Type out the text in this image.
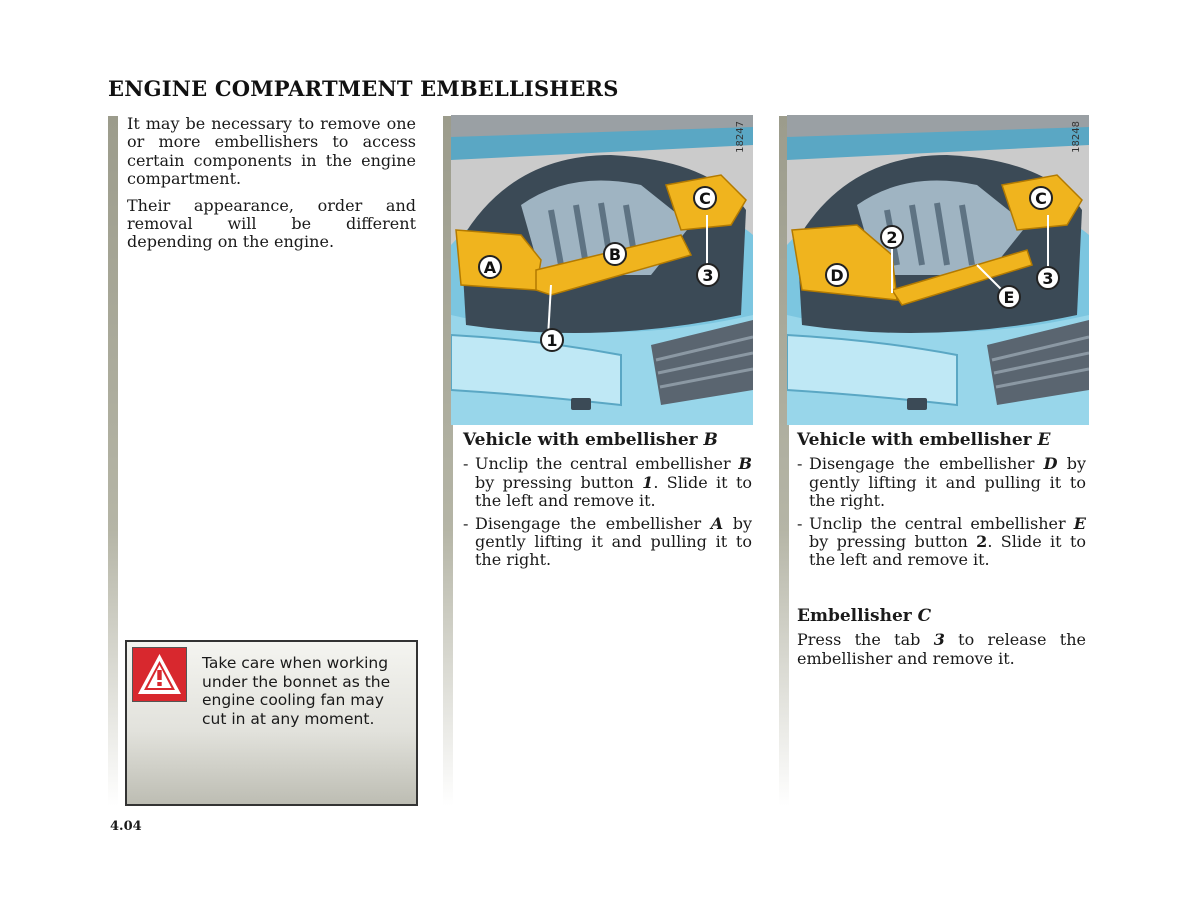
ENGINE COMPARTMENT EMBELLISHERS

It may be necessary to remove one or more embellishers to access certain components in the engine compartment.

Their appearance, order and removal will be different depending on the engine.

Take care when working under the bonnet as the engine cooling fan may cut in at any moment.
A
B
C
1
3
18247
C
2
D	3
E
18248
Vehicle with embellisher B
- Unclip the central embellisher B by pressing button 1. Slide it to the left and remove it.
- Disengage the embellisher A by gently lifting it and pulling it to the right.
Vehicle with embellisher E
- Disengage the embellisher D by gently lifting it and pulling it to the right.
- Unclip the central embellisher E by pressing button 2. Slide it to the left and remove it.
Embellisher C
Press the tab 3 to release the embellisher and remove it.
4.04
